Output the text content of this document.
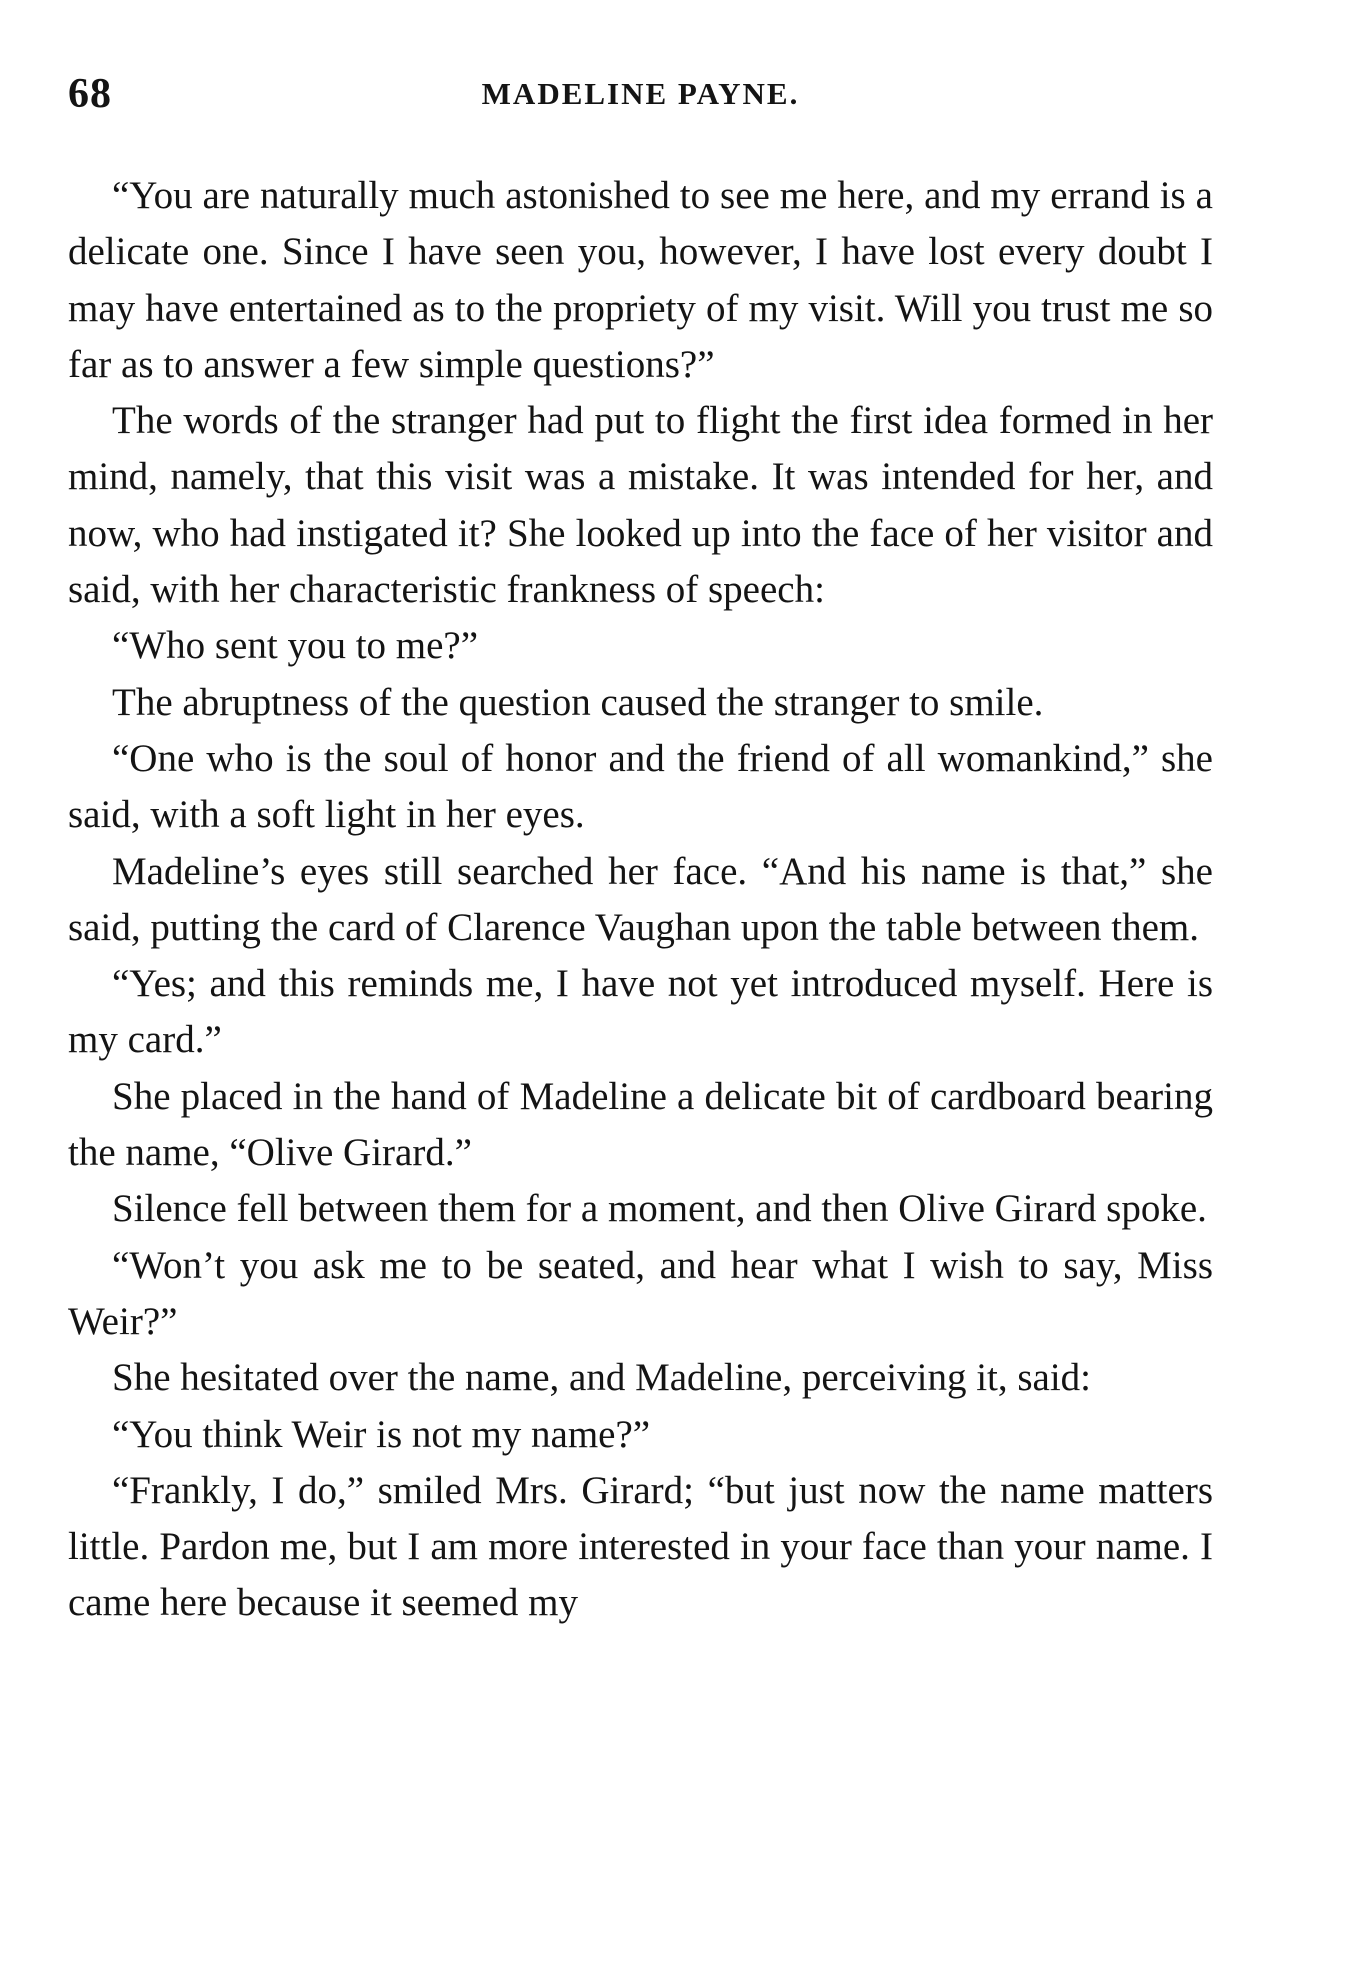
68	MADELINE PAYNE.

“You are naturally much astonished to see me here, and my errand is a delicate one. Since I have seen you, however, I have lost every doubt I may have entertained as to the propriety of my visit. Will you trust me so far as to answer a few simple questions?”

The words of the stranger had put to flight the first idea formed in her mind, namely, that this visit was a mistake. It was intended for her, and now, who had instigated it? She looked up into the face of her visitor and said, with her characteristic frankness of speech:

“Who sent you to me?”

The abruptness of the question caused the stranger to smile.

“One who is the soul of honor and the friend of all womankind,” she said, with a soft light in her eyes.

Madeline’s eyes still searched her face. “And his name is that,” she said, putting the card of Clarence Vaughan upon the table between them.

“Yes; and this reminds me, I have not yet introduced myself. Here is my card.”

She placed in the hand of Madeline a delicate bit of cardboard bearing the name, “Olive Girard.”

Silence fell between them for a moment, and then Olive Girard spoke.

“Won’t you ask me to be seated, and hear what I wish to say, Miss Weir?”

She hesitated over the name, and Madeline, perceiving it, said:

“You think Weir is not my name?”

“Frankly, I do,” smiled Mrs. Girard; “but just now the name matters little. Pardon me, but I am more interested in your face than your name. I came here because it seemed my
